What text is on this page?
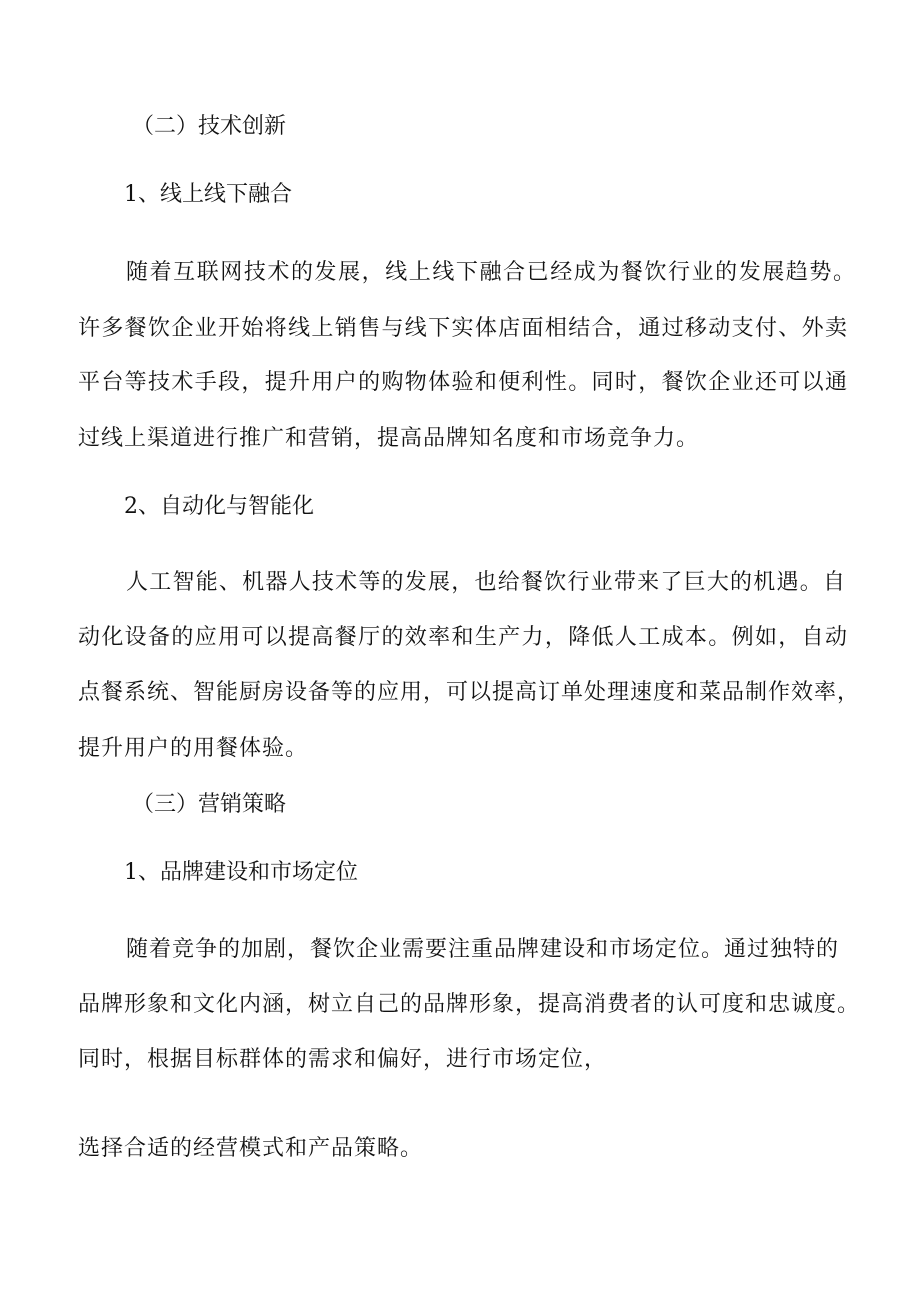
（二）技术创新
1、线上线下融合
随着互联网技术的发展，线上线下融合已经成为餐饮行业的发展趋势。
许多餐饮企业开始将线上销售与线下实体店面相结合，通过移动支付、外卖
平台等技术手段，提升用户的购物体验和便利性。同时，餐饮企业还可以通
过线上渠道进行推广和营销，提高品牌知名度和市场竞争力。
2、自动化与智能化
人工智能、机器人技术等的发展，也给餐饮行业带来了巨大的机遇。自
动化设备的应用可以提高餐厅的效率和生产力，降低人工成本。例如，自动
点餐系统、智能厨房设备等的应用，可以提高订单处理速度和菜品制作效率，
提升用户的用餐体验。
（三）营销策略
1、品牌建设和市场定位
随着竞争的加剧，餐饮企业需要注重品牌建设和市场定位。通过独特的
品牌形象和文化内涵，树立自己的品牌形象，提高消费者的认可度和忠诚度。
同时，根据目标群体的需求和偏好，进行市场定位，
选择合适的经营模式和产品策略。
